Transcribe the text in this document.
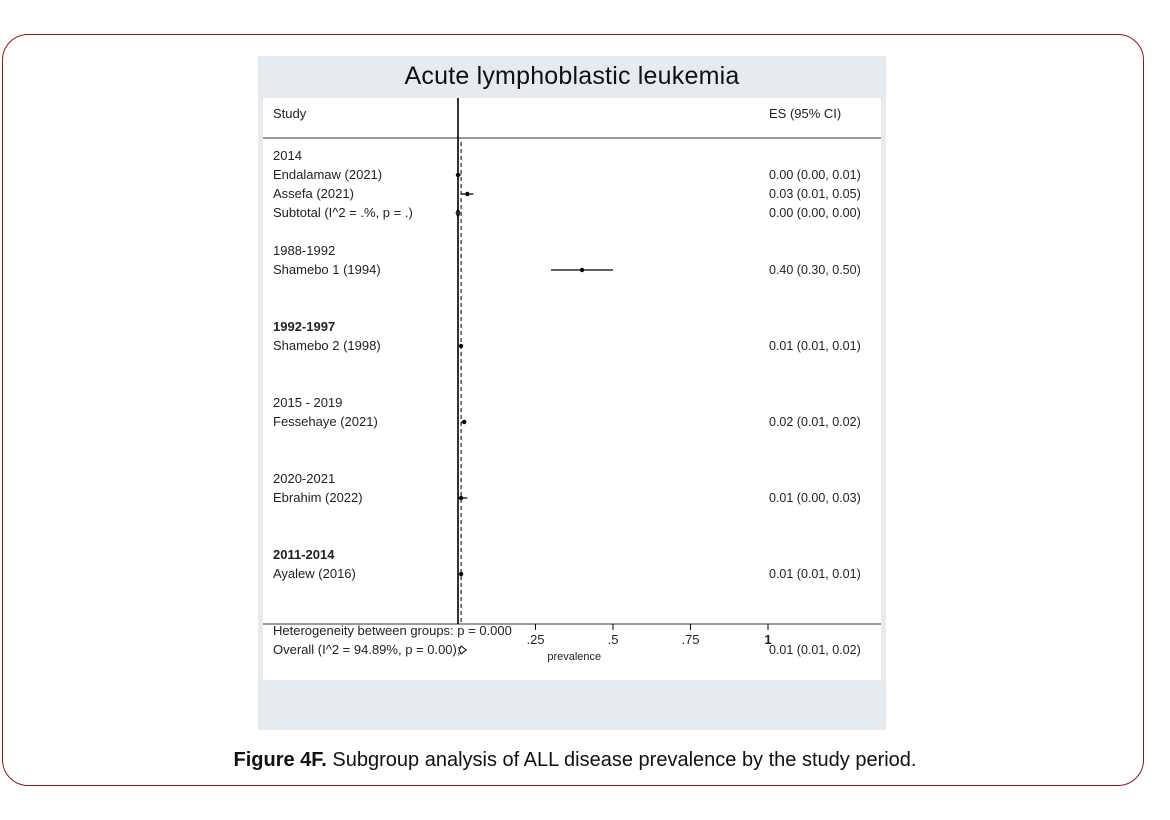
Acute lymphoblastic leukemia
Study	ES (95% CI)
2014
Endalamaw (2021)	0.00 (0.00, 0.01)
Assefa (2021)	0.03 (0.01, 0.05)
Subtotal (I^2 = .%, p = .)	0.00 (0.00, 0.00)
1988-1992
Shamebo 1 (1994)	0.40 (0.30, 0.50)
1992-1997
Shamebo 2 (1998)	0.01 (0.01, 0.01)
2015 - 2019
Fessehaye (2021)	0.02 (0.01, 0.02)
2020-2021
Ebrahim (2022)	0.01 (0.00, 0.03)
2011-2014
Ayalew (2016)	0.01 (0.01, 0.01)
Heterogeneity between groups: p = 0.000
Overall (I^2 = 94.89%, p = 0.00);	0.01 (0.01, 0.02)
.25	.5	.75	1
prevalence
Figure 4F. Subgroup analysis of ALL disease prevalence by the study period.
